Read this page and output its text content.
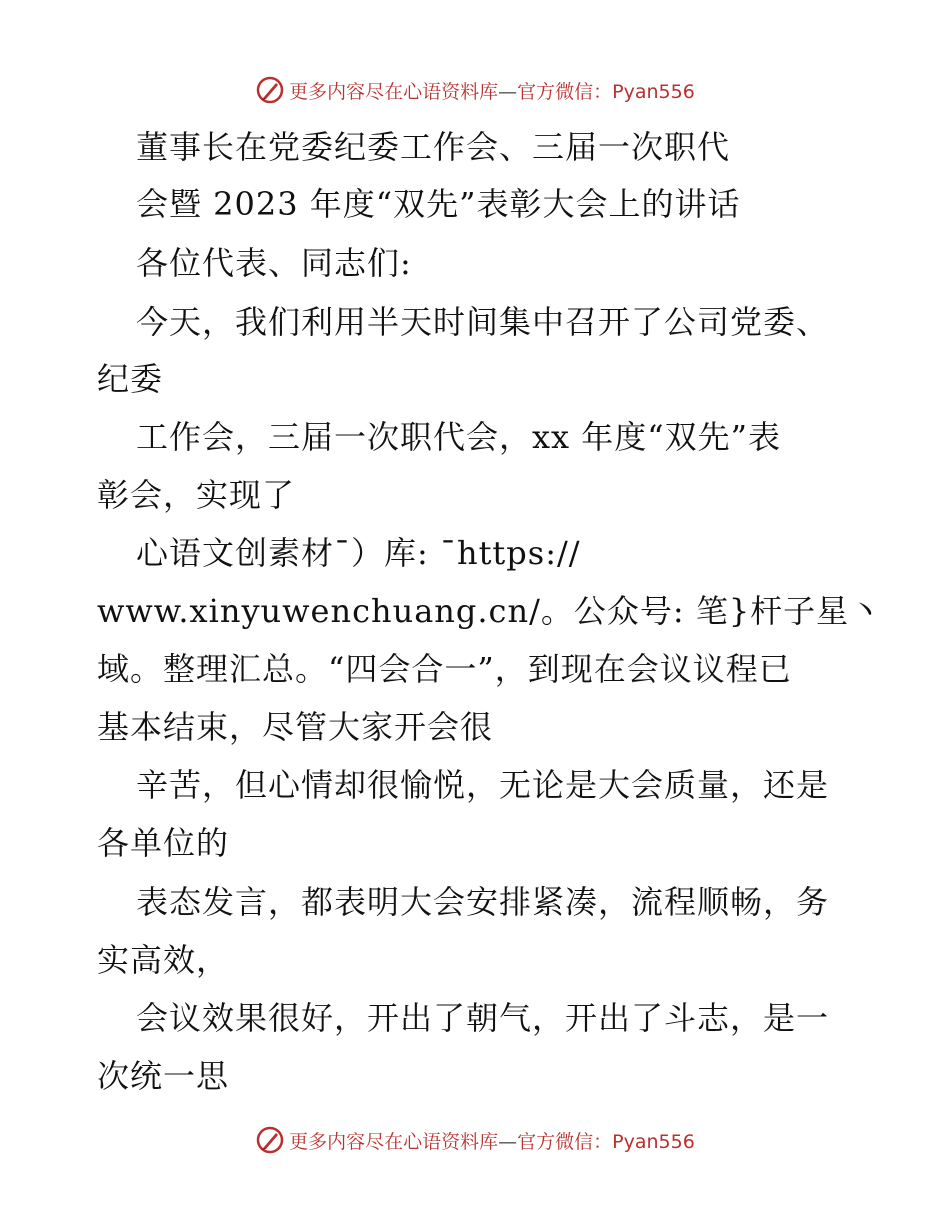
更多内容尽在心语资料库—官方微信：Pyan556
董事长在党委纪委工作会、三届一次职代
会暨 2023 年度“双先”表彰大会上的讲话
各位代表、同志们:
今天，我们利用半天时间集中召开了公司党委、
纪委
工作会，三届一次职代会，xx 年度“双先”表
彰会，实现了
心语文创素材¯）库: ¯https://
www.xinyuwenchuang.cn/。公众号: 笔}杆子星丶
域。整理汇总。“四会合一”，到现在会议议程已
基本结束，尽管大家开会很
辛苦，但心情却很愉悦，无论是大会质量，还是
各单位的
表态发言，都表明大会安排紧凑，流程顺畅，务
实高效，
会议效果很好，开出了朝气，开出了斗志，是一
次统一思
更多内容尽在心语资料库—官方微信：Pyan556
